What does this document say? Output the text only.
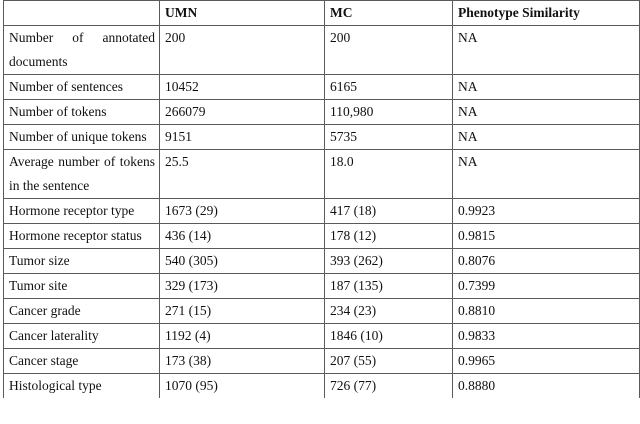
	UMN	MC	Phenotype Similarity
Number of annotated documents	200	200	NA
Number of sentences	10452	6165	NA
Number of tokens	266079	110,980	NA
Number of unique tokens	9151	5735	NA
Average number of tokens in the sentence	25.5	18.0	NA
Hormone receptor type	1673 (29)	417 (18)	0.9923
Hormone receptor status	436 (14)	178 (12)	0.9815
Tumor size	540 (305)	393 (262)	0.8076
Tumor site	329 (173)	187 (135)	0.7399
Cancer grade	271 (15)	234 (23)	0.8810
Cancer laterality	1192 (4)	1846 (10)	0.9833
Cancer stage	173 (38)	207 (55)	0.9965
Histological type	1070 (95)	726 (77)	0.8880
